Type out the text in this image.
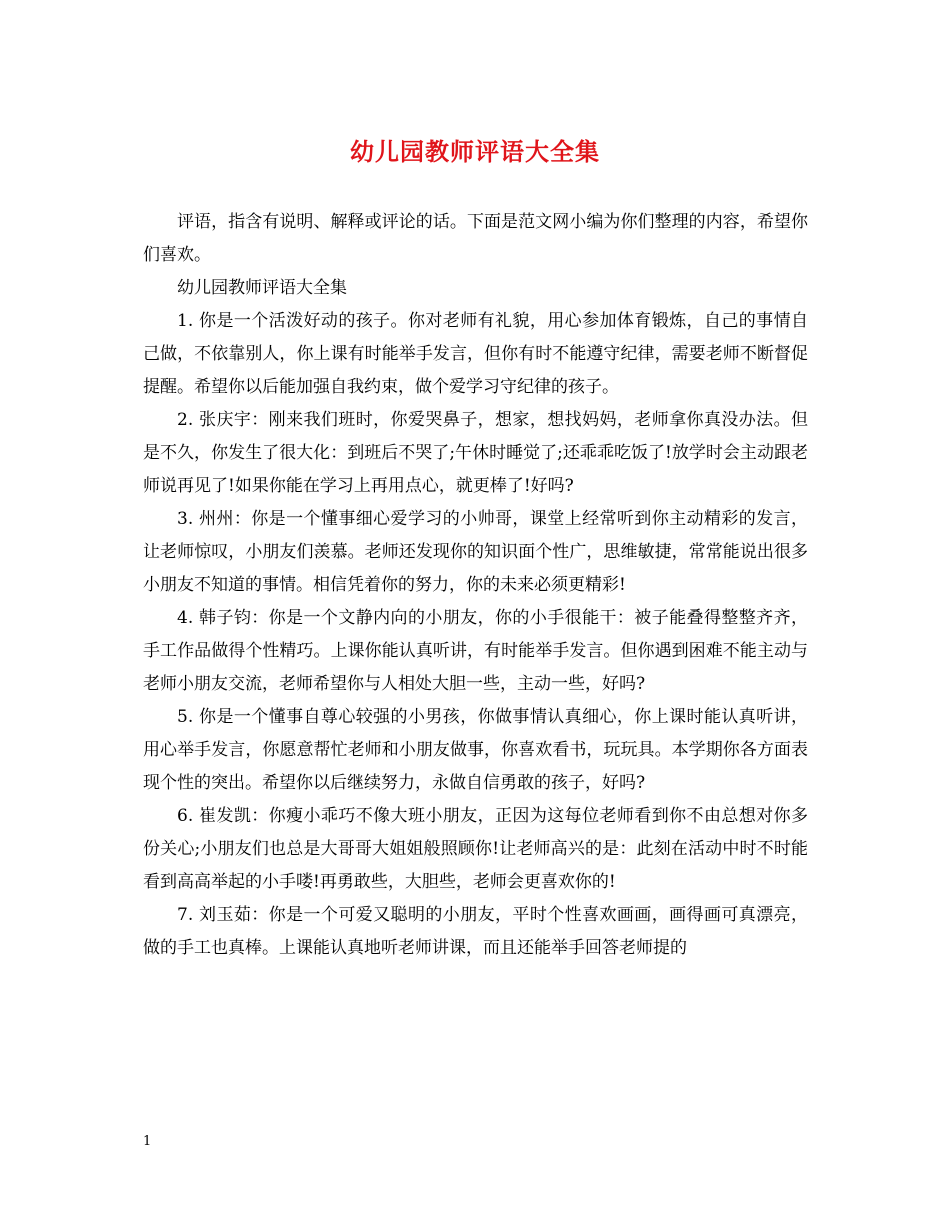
幼儿园教师评语大全集

评语，指含有说明、解释或评论的话。下面是范文网小编为你们整理的内容，希望你们喜欢。

幼儿园教师评语大全集

1. 你是一个活泼好动的孩子。你对老师有礼貌，用心参加体育锻炼，自己的事情自己做，不依靠别人，你上课有时能举手发言，但你有时不能遵守纪律，需要老师不断督促提醒。希望你以后能加强自我约束，做个爱学习守纪律的孩子。

2. 张庆宇：刚来我们班时，你爱哭鼻子，想家，想找妈妈，老师拿你真没办法。但是不久，你发生了很大化：到班后不哭了;午休时睡觉了;还乖乖吃饭了!放学时会主动跟老师说再见了!如果你能在学习上再用点心，就更棒了!好吗?

3. 州州：你是一个懂事细心爱学习的小帅哥，课堂上经常听到你主动精彩的发言，让老师惊叹，小朋友们羡慕。老师还发现你的知识面个性广，思维敏捷，常常能说出很多小朋友不知道的事情。相信凭着你的努力，你的未来必须更精彩!

4. 韩子钧：你是一个文静内向的小朋友，你的小手很能干：被子能叠得整整齐齐，手工作品做得个性精巧。上课你能认真听讲，有时能举手发言。但你遇到困难不能主动与老师小朋友交流，老师希望你与人相处大胆一些，主动一些，好吗?

5. 你是一个懂事自尊心较强的小男孩，你做事情认真细心，你上课时能认真听讲，用心举手发言，你愿意帮忙老师和小朋友做事，你喜欢看书，玩玩具。本学期你各方面表现个性的突出。希望你以后继续努力，永做自信勇敢的孩子，好吗?

6. 崔发凯：你瘦小乖巧不像大班小朋友，正因为这每位老师看到你不由总想对你多份关心;小朋友们也总是大哥哥大姐姐般照顾你!让老师高兴的是：此刻在活动中时不时能看到高高举起的小手喽!再勇敢些，大胆些，老师会更喜欢你的!

7. 刘玉茹：你是一个可爱又聪明的小朋友，平时个性喜欢画画，画得画可真漂亮，做的手工也真棒。上课能认真地听老师讲课，而且还能举手回答老师提的

1
